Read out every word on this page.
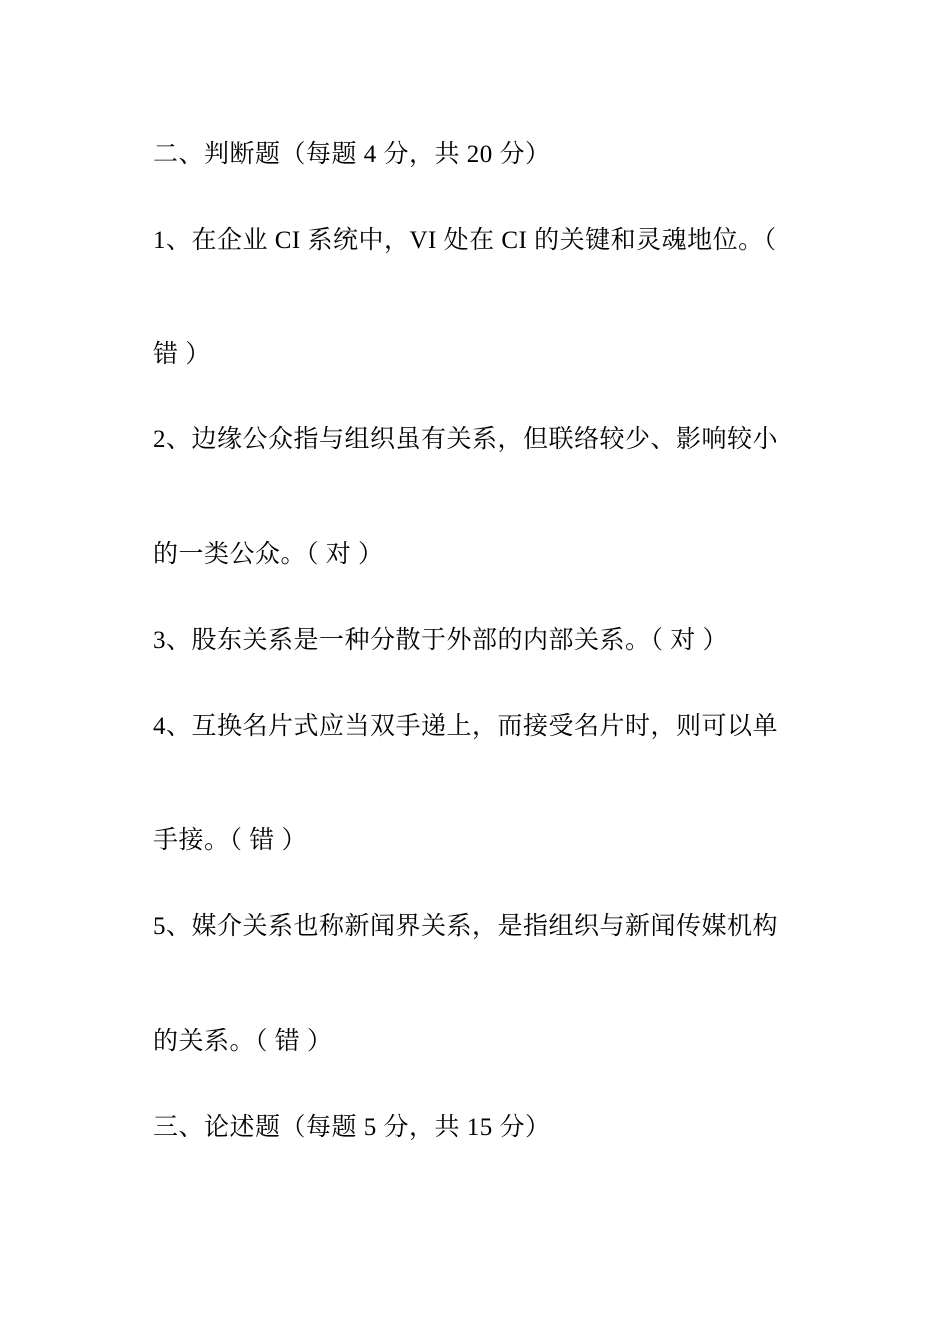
二、判断题（每题 4 分，共 20 分）
1、在企业 CI 系统中，VI 处在 CI 的关键和灵魂地位。（
错 ）
2、边缘公众指与组织虽有关系，但联络较少、影响较小
的一类公众。（ 对 ）
3、股东关系是一种分散于外部的内部关系。（ 对 ）
4、互换名片式应当双手递上，而接受名片时，则可以单
手接。（ 错 ）
5、媒介关系也称新闻界关系，是指组织与新闻传媒机构
的关系。（ 错 ）
三、论述题（每题 5 分，共 15 分）
